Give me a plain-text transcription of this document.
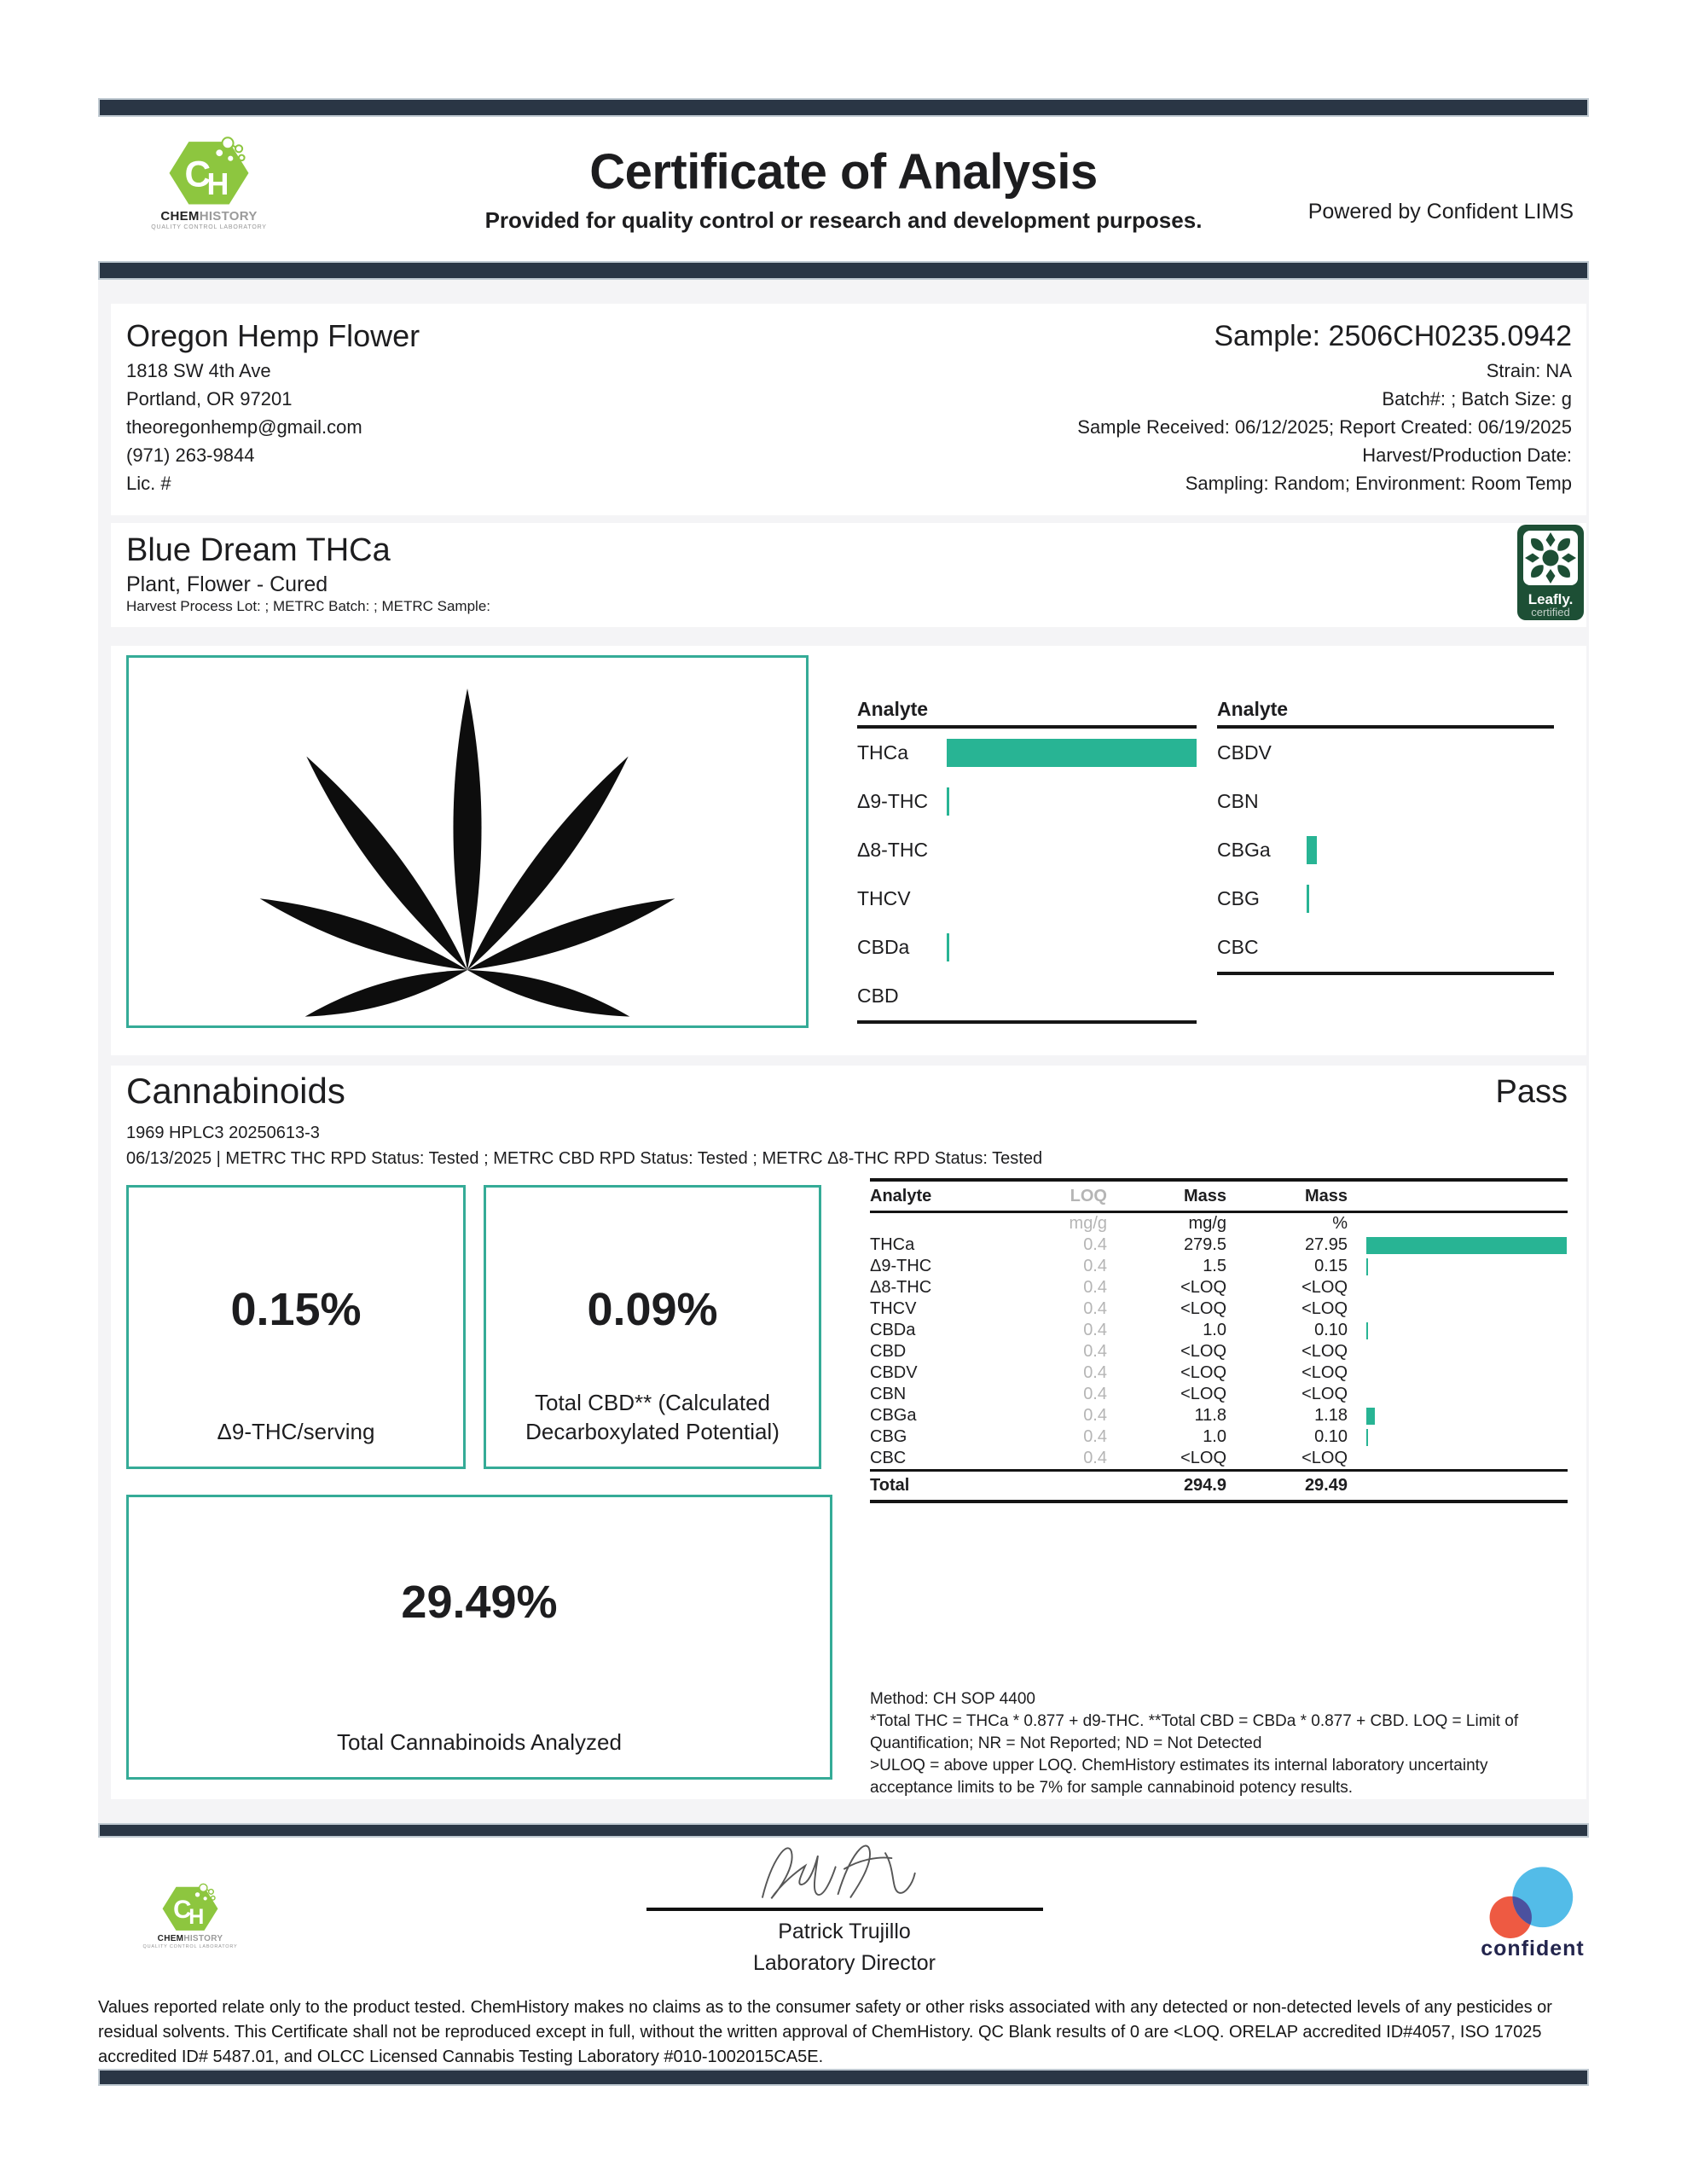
C
H
CHEMHISTORY
QUALITY CONTROL LABORATORY
Certificate of Analysis
Provided for quality control or research and development purposes.	Powered by Confident LIMS
Oregon Hemp Flower
1818 SW 4th Ave
Portland, OR 97201
theoregonhemp@gmail.com
(971) 263-9844
Lic. #
Sample: 2506CH0235.0942
Strain: NA
Batch#: ; Batch Size: g
Sample Received: 06/12/2025; Report Created: 06/19/2025
Harvest/Production Date:
Sampling: Random; Environment: Room Temp
Blue Dream THCa
Plant, Flower - Cured
Harvest Process Lot: ; METRC Batch: ; METRC Sample:	Leafly.
certified
Analyte
THCa
Δ9-THC
Δ8-THC
THCV
CBDa
CBD
Analyte
CBDV
CBN
CBGa
CBG
CBC
Cannabinoids	Pass
1969 HPLC3 20250613-3
06/13/2025 | METRC THC RPD Status: Tested ; METRC CBD RPD Status: Tested ; METRC Δ8-THC RPD Status: Tested
0.15%
Δ9-THC/serving
0.09%
Total CBD** (Calculated Decarboxylated Potential)
29.49%
Total Cannabinoids Analyzed
Analyte	LOQ	Mass	Mass	
	mg/g	mg/g	%	
THCa	0.4	279.5	27.95	
Δ9-THC	0.4	1.5	0.15	
Δ8-THC	0.4	<LOQ	<LOQ	
THCV	0.4	<LOQ	<LOQ	
CBDa	0.4	1.0	0.10	
CBD	0.4	<LOQ	<LOQ	
CBDV	0.4	<LOQ	<LOQ	
CBN	0.4	<LOQ	<LOQ	
CBGa	0.4	11.8	1.18	
CBG	0.4	1.0	0.10	
CBC	0.4	<LOQ	<LOQ	
Total		294.9	29.49	
Method: CH SOP 4400
*Total THC = THCa * 0.877 + d9-THC. **Total CBD = CBDa * 0.877 + CBD. LOQ = Limit of Quantification; NR = Not Reported; ND = Not Detected
>ULOQ = above upper LOQ. ChemHistory estimates its internal laboratory uncertainty acceptance limits to be 7% for sample cannabinoid potency results.
C
H
CHEMHISTORY
QUALITY CONTROL LABORATORY
Patrick Trujillo
Laboratory Director
confident
Values reported relate only to the product tested. ChemHistory makes no claims as to the consumer safety or other risks associated with any detected or non-detected levels of any pesticides or residual solvents. This Certificate shall not be reproduced except in full, without the written approval of ChemHistory. QC Blank results of 0 are <LOQ. ORELAP accredited ID#4057, ISO 17025 accredited ID# 5487.01, and OLCC Licensed Cannabis Testing Laboratory #010-1002015CA5E.
